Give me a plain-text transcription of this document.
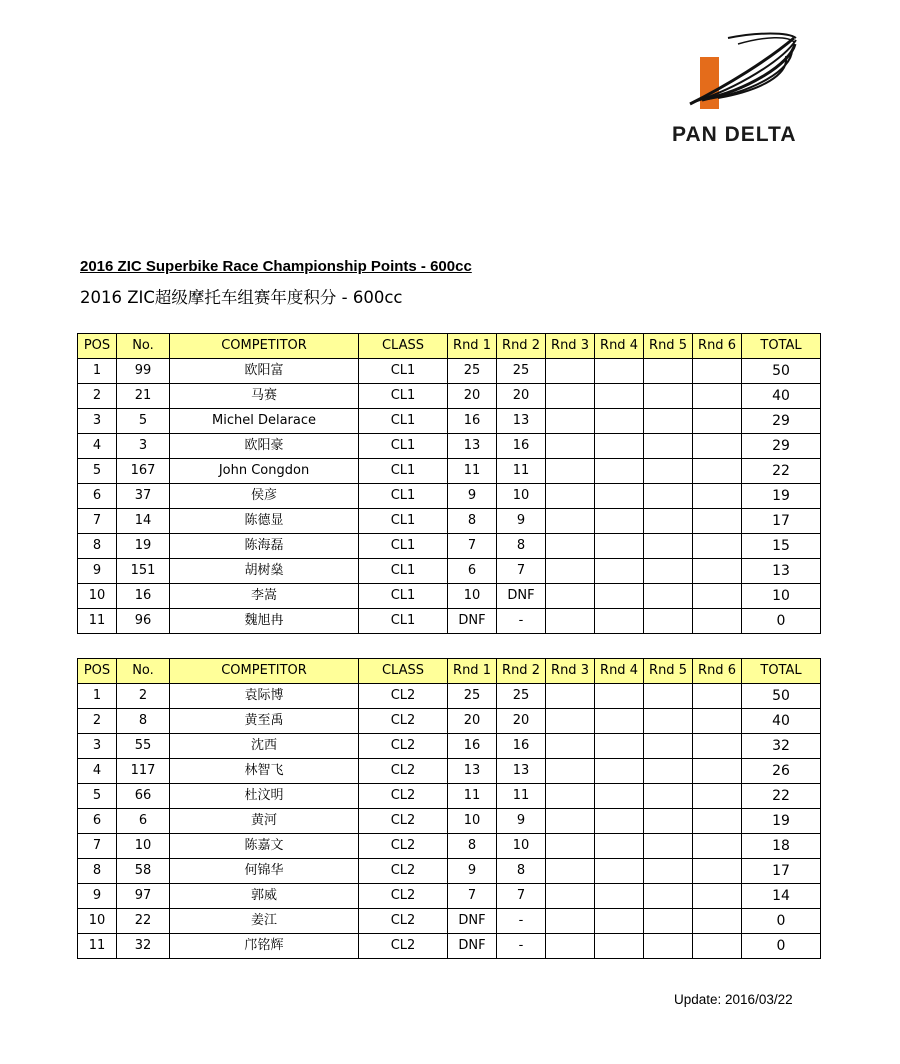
PAN DELTA
2016 ZIC Superbike Race Championship Points - 600cc
2016 ZIC超级摩托车组赛年度积分 - 600cc
POS	No.	COMPETITOR	CLASS	Rnd 1	Rnd 2	Rnd 3	Rnd 4	Rnd 5	Rnd 6	TOTAL
1	99	欧阳富	CL1	25	25					50
2	21	马赛	CL1	20	20					40
3	5	Michel Delarace	CL1	16	13					29
4	3	欧阳豪	CL1	13	16					29
5	167	John Congdon	CL1	11	11					22
6	37	侯彦	CL1	9	10					19
7	14	陈德显	CL1	8	9					17
8	19	陈海磊	CL1	7	8					15
9	151	胡树燊	CL1	6	7					13
10	16	李嵩	CL1	10	DNF					10
11	96	魏旭冉	CL1	DNF	-					0
POS	No.	COMPETITOR	CLASS	Rnd 1	Rnd 2	Rnd 3	Rnd 4	Rnd 5	Rnd 6	TOTAL
1	2	袁际博	CL2	25	25					50
2	8	黄至禹	CL2	20	20					40
3	55	沈西	CL2	16	16					32
4	117	林智飞	CL2	13	13					26
5	66	杜汶明	CL2	11	11					22
6	6	黄河	CL2	10	9					19
7	10	陈嘉文	CL2	8	10					18
8	58	何锦华	CL2	9	8					17
9	97	郭威	CL2	7	7					14
10	22	姜江	CL2	DNF	-					0
11	32	邝铭辉	CL2	DNF	-					0
Update: 2016/03/22
